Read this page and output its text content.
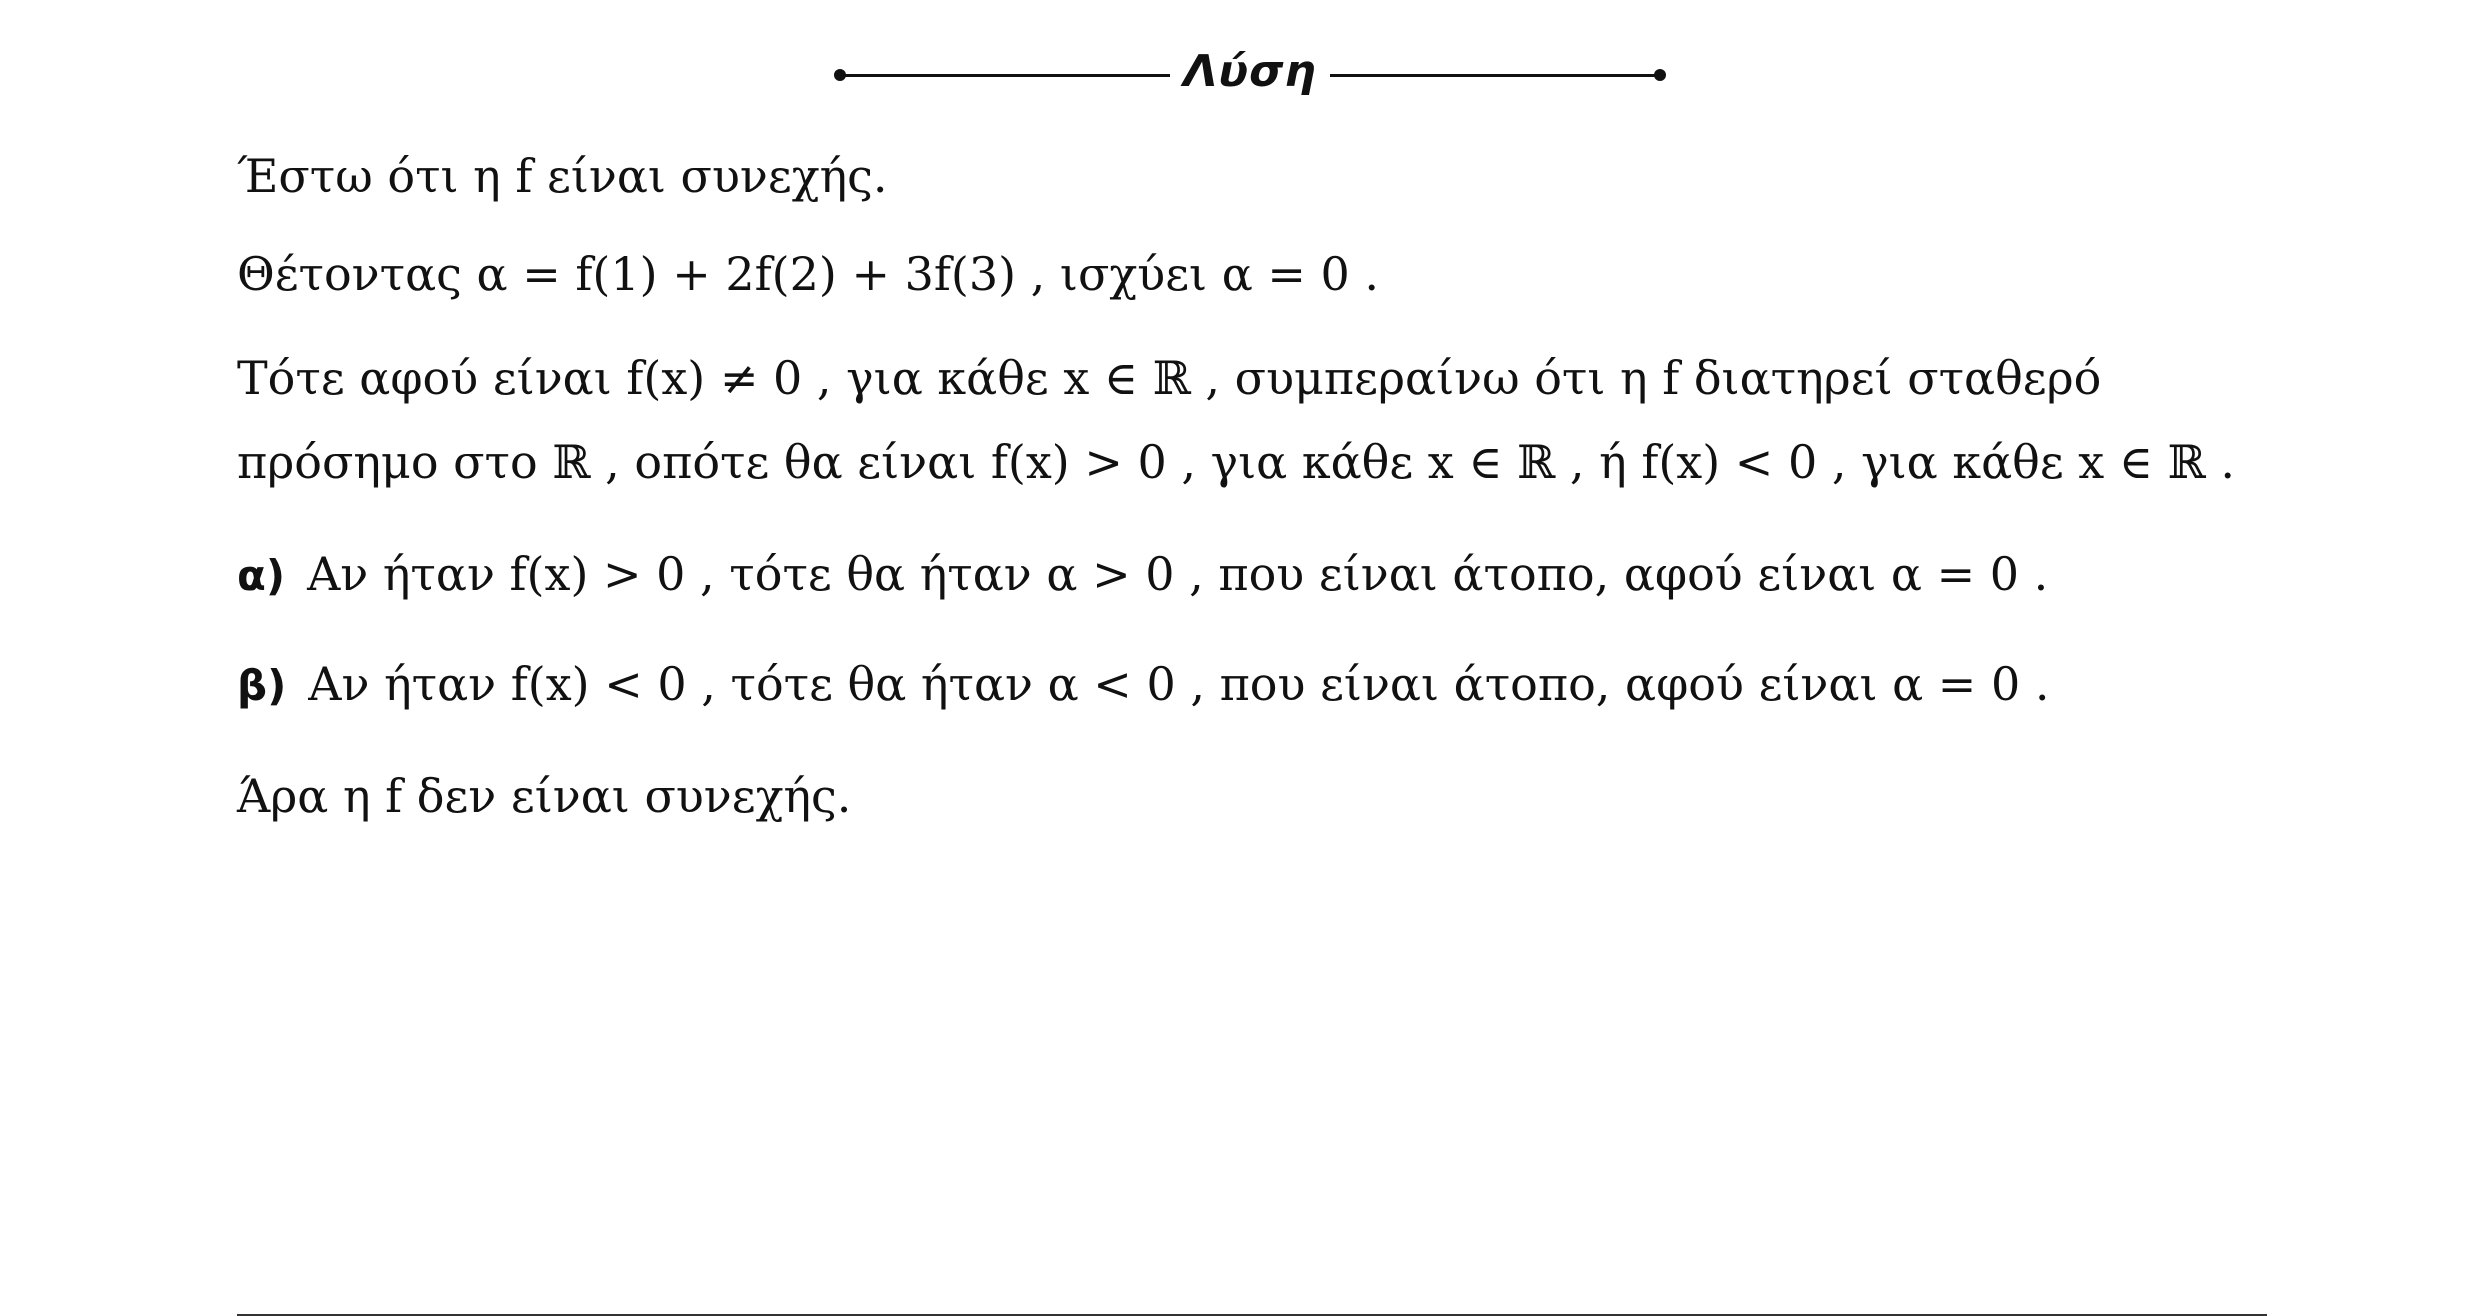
Λύση
Έστω ότι η f είναι συνεχής.
Θέτοντας α = f(1) + 2f(2) + 3f(3) , ισχύει α = 0 .
Τότε αφού είναι f(x) ≠ 0 , για κάθε x ∈ ℝ , συμπεραίνω ότι η f διατηρεί σταθερό
πρόσημο στο ℝ , οπότε θα είναι f(x) > 0 , για κάθε x ∈ ℝ , ή f(x) < 0 , για κάθε x ∈ ℝ .
α) Αν ήταν f(x) > 0 , τότε θα ήταν α > 0 , που είναι άτοπο, αφού είναι α = 0 .
β) Αν ήταν f(x) < 0 , τότε θα ήταν α < 0 , που είναι άτοπο, αφού είναι α = 0 .
Άρα η f δεν είναι συνεχής.
